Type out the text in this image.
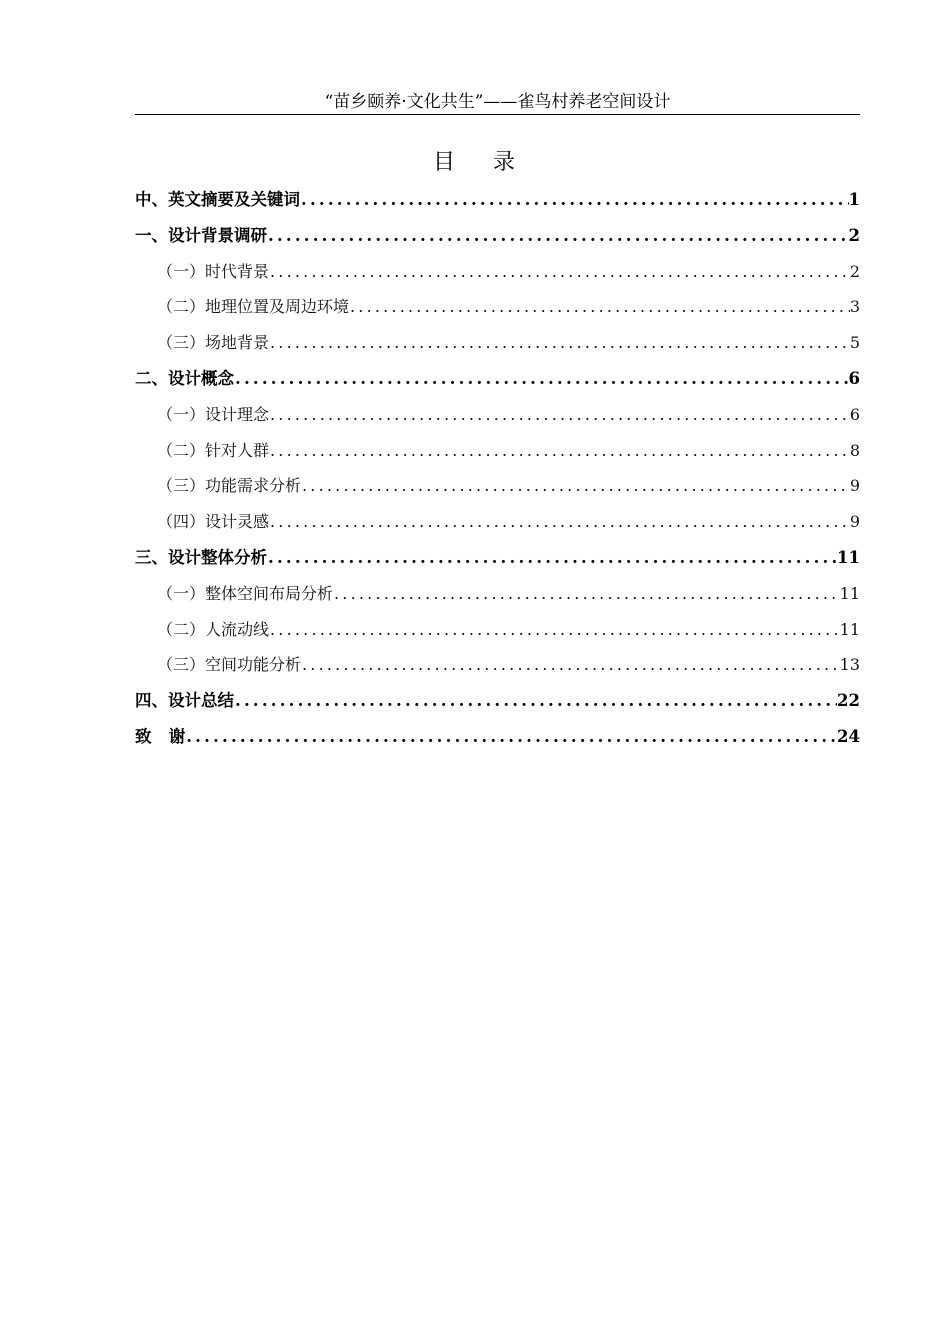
“苗乡颐养·文化共生”——雀鸟村养老空间设计
目    录
中、英文摘要及关键词 .....	1
一、设计背景调研 .....	2
（一）时代背景 .....	2
（二）地理位置及周边环境 .....	3
（三）场地背景 .....	5
二、设计概念 .....	6
（一）设计理念 .....	6
（二）针对人群 .....	8
（三）功能需求分析 .....	9
（四）设计灵感 .....	9
三、设计整体分析 .....	11
（一）整体空间布局分析 .....	11
（二）人流动线 .....	11
（三）空间功能分析 .....	13
四、设计总结 .....	22
致   谢 .....	24
